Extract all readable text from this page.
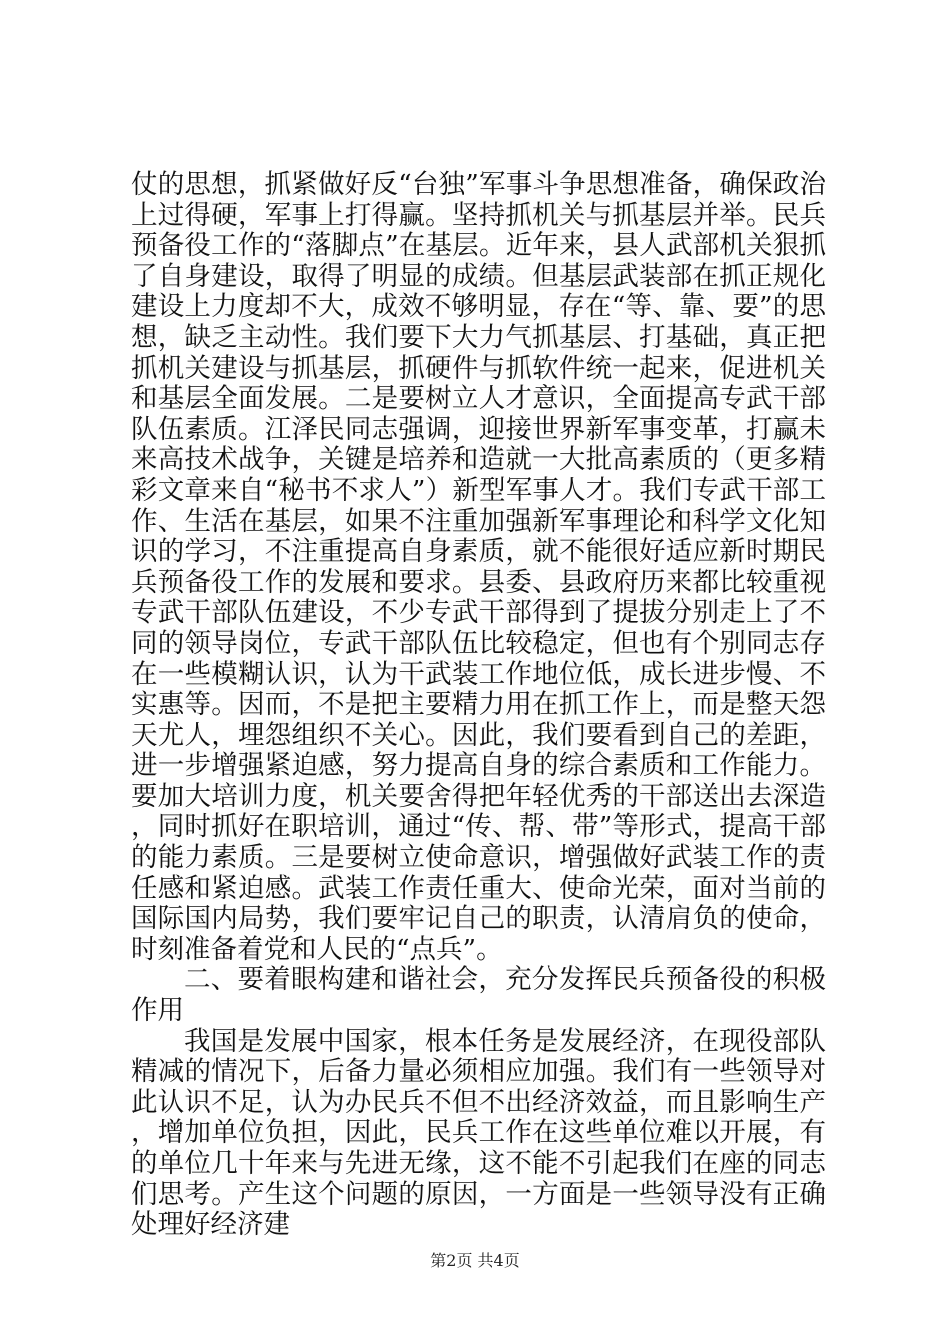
仗的思想，抓紧做好反“台独”军事斗争思想准备，确保政治上过得硬，军事上打得赢。坚持抓机关与抓基层并举。民兵预备役工作的“落脚点”在基层。近年来，县人武部机关狠抓了自身建设，取得了明显的成绩。但基层武装部在抓正规化建设上力度却不大，成效不够明显，存在“等、靠、要”的思想，缺乏主动性。我们要下大力气抓基层、打基础，真正把抓机关建设与抓基层，抓硬件与抓软件统一起来，促进机关和基层全面发展。二是要树立人才意识，全面提高专武干部队伍素质。江泽民同志强调，迎接世界新军事变革，打赢未来高技术战争，关键是培养和造就一大批高素质的（更多精彩文章来自“秘书不求人”）新型军事人才。我们专武干部工作、生活在基层，如果不注重加强新军事理论和科学文化知识的学习，不注重提高自身素质，就不能很好适应新时期民兵预备役工作的发展和要求。县委、县政府历来都比较重视专武干部队伍建设，不少专武干部得到了提拔分别走上了不同的领导岗位，专武干部队伍比较稳定，但也有个别同志存在一些模糊认识，认为干武装工作地位低，成长进步慢、不实惠等。因而，不是把主要精力用在抓工作上，而是整天怨天尤人，埋怨组织不关心。因此，我们要看到自己的差距，进一步增强紧迫感，努力提高自身的综合素质和工作能力。要加大培训力度，机关要舍得把年轻优秀的干部送出去深造，同时抓好在职培训，通过“传、帮、带”等形式，提高干部的能力素质。三是要树立使命意识，增强做好武装工作的责任感和紧迫感。武装工作责任重大、使命光荣，面对当前的国际国内局势，我们要牢记自己的职责，认清肩负的使命，时刻准备着党和人民的“点兵”。

二、要着眼构建和谐社会，充分发挥民兵预备役的积极作用

我国是发展中国家，根本任务是发展经济，在现役部队精减的情况下，后备力量必须相应加强。我们有一些领导对此认识不足，认为办民兵不但不出经济效益，而且影响生产，增加单位负担，因此，民兵工作在这些单位难以开展，有的单位几十年来与先进无缘，这不能不引起我们在座的同志们思考。产生这个问题的原因，一方面是一些领导没有正确处理好经济建

第2页 共4页
